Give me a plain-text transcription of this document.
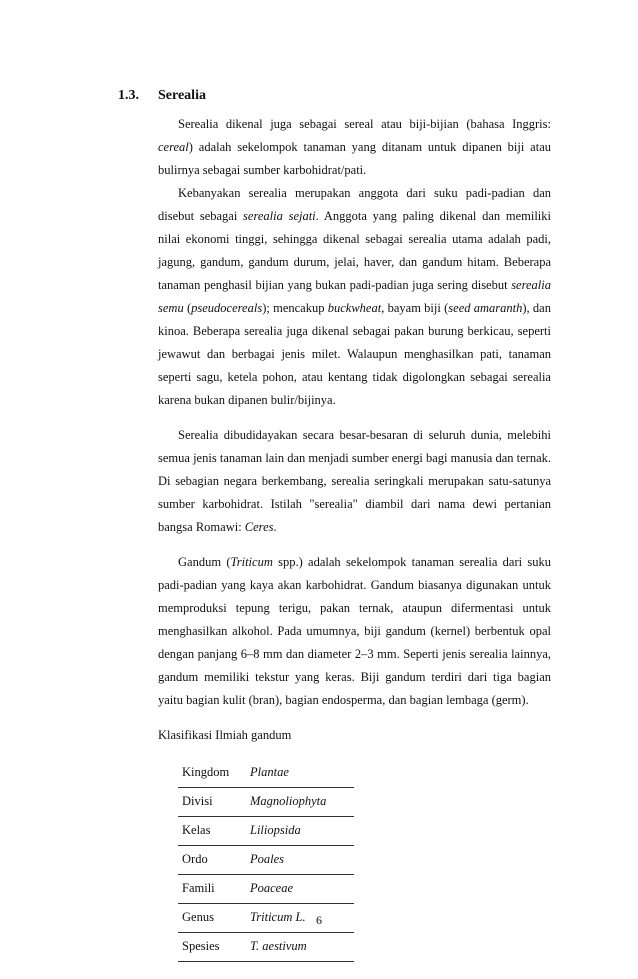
1.3. Serealia

Serealia dikenal juga sebagai sereal atau biji-bijian (bahasa Inggris: cereal) adalah sekelompok tanaman yang ditanam untuk dipanen biji atau bulirnya sebagai sumber karbohidrat/pati.

Kebanyakan serealia merupakan anggota dari suku padi-padian dan disebut sebagai serealia sejati. Anggota yang paling dikenal dan memiliki nilai ekonomi tinggi, sehingga dikenal sebagai serealia utama adalah padi, jagung, gandum, gandum durum, jelai, haver, dan gandum hitam. Beberapa tanaman penghasil bijian yang bukan padi-padian juga sering disebut serealia semu (pseudocereals); mencakup buckwheat, bayam biji (seed amaranth), dan kinoa. Beberapa serealia juga dikenal sebagai pakan burung berkicau, seperti jewawut dan berbagai jenis milet. Walaupun menghasilkan pati, tanaman seperti sagu, ketela pohon, atau kentang tidak digolongkan sebagai serealia karena bukan dipanen bulir/bijinya.

Serealia dibudidayakan secara besar-besaran di seluruh dunia, melebihi semua jenis tanaman lain dan menjadi sumber energi bagi manusia dan ternak. Di sebagian negara berkembang, serealia seringkali merupakan satu-satunya sumber karbohidrat. Istilah "serealia" diambil dari nama dewi pertanian bangsa Romawi: Ceres.

Gandum (Triticum spp.) adalah sekelompok tanaman serealia dari suku padi-padian yang kaya akan karbohidrat. Gandum biasanya digunakan untuk memproduksi tepung terigu, pakan ternak, ataupun difermentasi untuk menghasilkan alkohol. Pada umumnya, biji gandum (kernel) berbentuk opal dengan panjang 6–8 mm dan diameter 2–3 mm. Seperti jenis serealia lainnya, gandum memiliki tekstur yang keras. Biji gandum terdiri dari tiga bagian yaitu bagian kulit (bran), bagian endosperma, dan bagian lembaga (germ).

Klasifikasi Ilmiah gandum

Kingdom	Plantae
Divisi	Magnoliophyta
Kelas	Liliopsida
Ordo	Poales
Famili	Poaceae
Genus	Triticum L.
Spesies	T. aestivum
6
